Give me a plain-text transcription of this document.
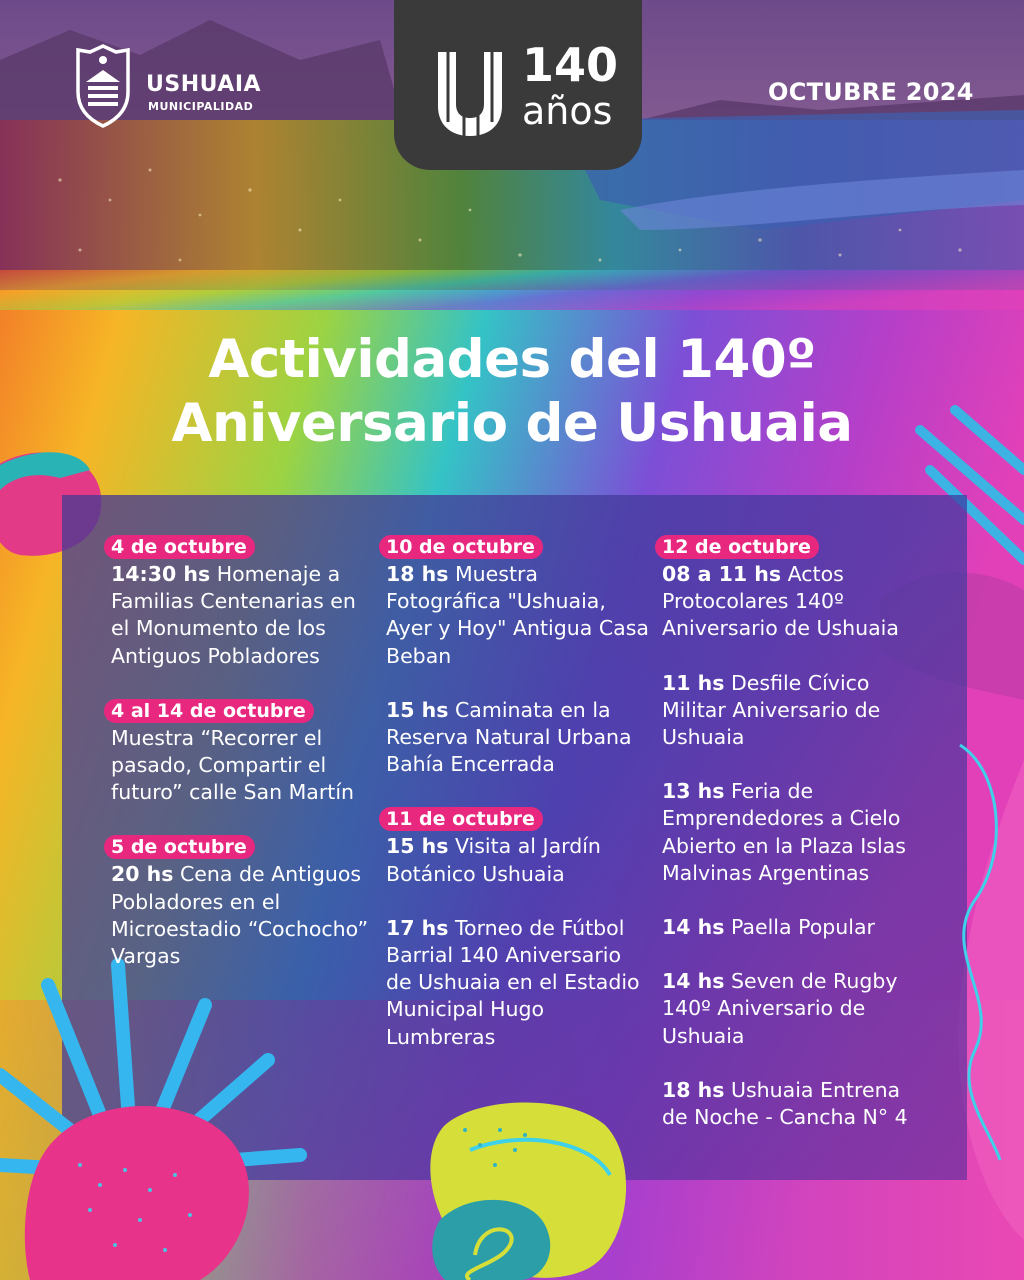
USHUAIA
MUNICIPALIDAD
140
años	OCTUBRE 2024
Actividades del 140º
Aniversario de Ushuaia
4 de octubre
14:30 hs Homenaje a Familias Centenarias en el Monumento de los Antiguos Pobladores
4 al 14 de octubre
Muestra “Recorrer el pasado, Compartir el futuro” calle San Martín
5 de octubre
20 hs Cena de Antiguos Pobladores en el Microestadio “Cochocho” Vargas
10 de octubre
18 hs Muestra Fotográfica "Ushuaia, Ayer y Hoy" Antigua Casa Beban
15 hs Caminata en la Reserva Natural Urbana Bahía Encerrada
11 de octubre
15 hs Visita al Jardín Botánico Ushuaia
17 hs Torneo de Fútbol Barrial 140 Aniversario de Ushuaia en el Estadio Municipal Hugo Lumbreras
12 de octubre
08 a 11 hs Actos Protocolares 140º Aniversario de Ushuaia
11 hs Desfile Cívico Militar Aniversario de Ushuaia
13 hs Feria de Emprendedores a Cielo Abierto en la Plaza Islas Malvinas Argentinas
14 hs Paella Popular
14 hs Seven de Rugby 140º Aniversario de Ushuaia
18 hs Ushuaia Entrena de Noche - Cancha N° 4
